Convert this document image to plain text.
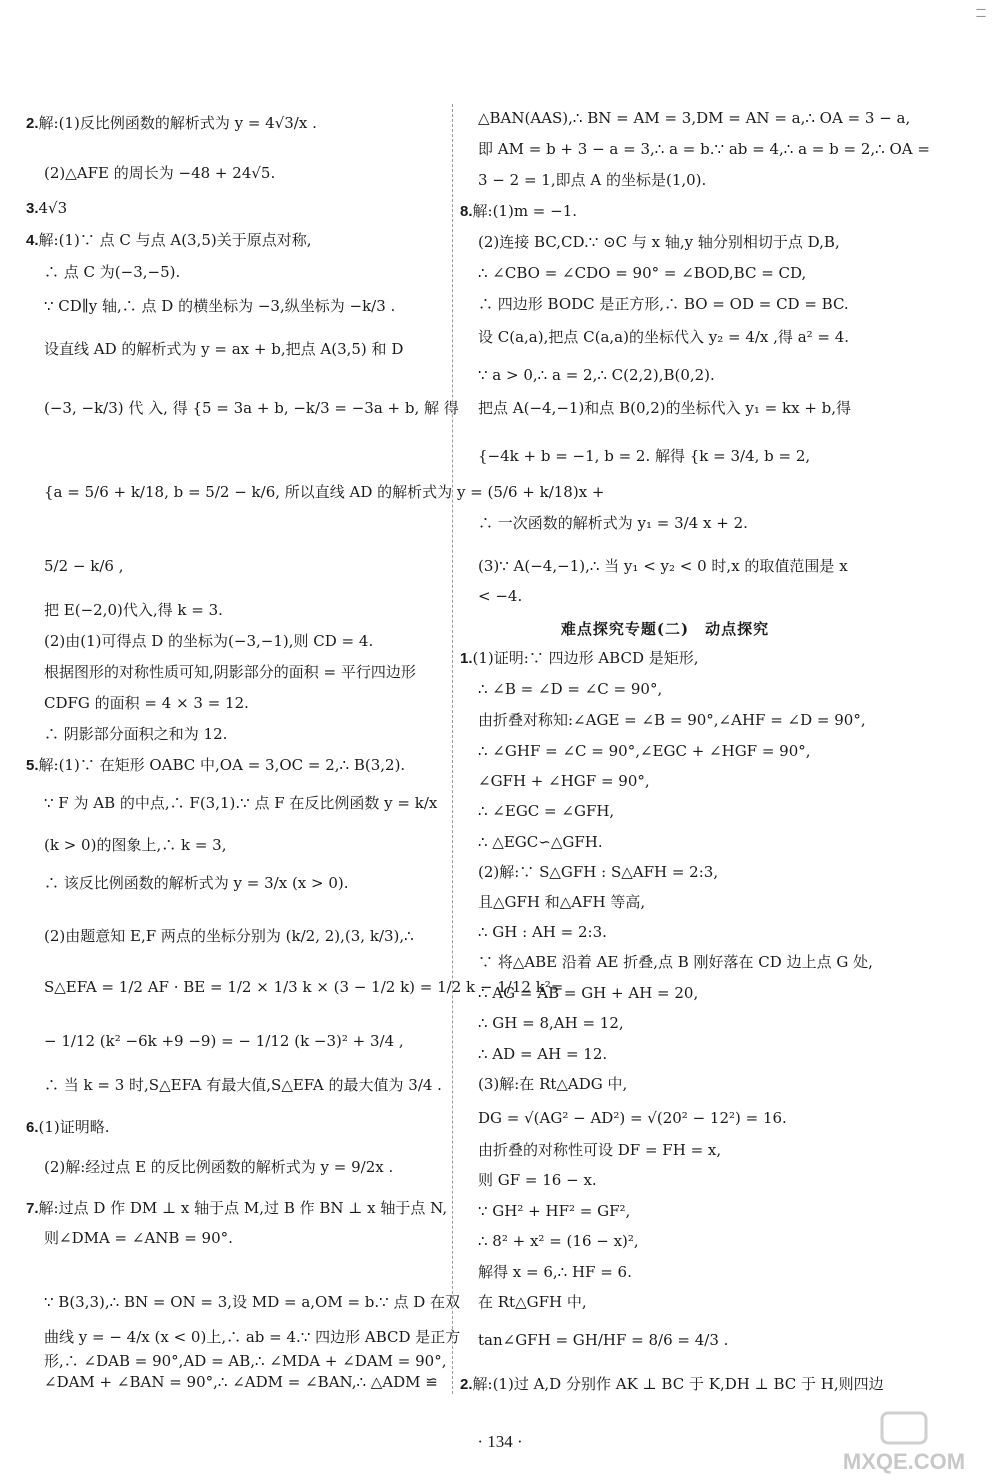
—
—
2.解:(1)反比例函数的解析式为 y = 4√3/x .
(2)△AFE 的周长为 −48 + 24√5.
3.4√3
4.解:(1)∵ 点 C 与点 A(3,5)关于原点对称,
∴ 点 C 为(−3,−5).
∵ CD∥y 轴,∴ 点 D 的横坐标为 −3,纵坐标为 −k/3 .
设直线 AD 的解析式为 y = ax + b,把点 A(3,5) 和 D
(−3, −k/3) 代 入, 得 {5 = 3a + b, −k/3 = −3a + b, 解 得
{a = 5/6 + k/18, b = 5/2 − k/6, 所以直线 AD 的解析式为 y = (5/6 + k/18)x +
5/2 − k/6 ,
把 E(−2,0)代入,得 k = 3.
(2)由(1)可得点 D 的坐标为(−3,−1),则 CD = 4.
根据图形的对称性质可知,阴影部分的面积 = 平行四边形
CDFG 的面积 = 4 × 3 = 12.
∴ 阴影部分面积之和为 12.
5.解:(1)∵ 在矩形 OABC 中,OA = 3,OC = 2,∴ B(3,2).
∵ F 为 AB 的中点,∴ F(3,1).∵ 点 F 在反比例函数 y = k/x
(k > 0)的图象上,∴ k = 3,
∴ 该反比例函数的解析式为 y = 3/x (x > 0).
(2)由题意知 E,F 两点的坐标分别为 (k/2, 2),(3, k/3),∴
S△EFA = 1/2 AF · BE = 1/2 × 1/3 k × (3 − 1/2 k) = 1/2 k − 1/12 k²=
− 1/12 (k² −6k +9 −9) = − 1/12 (k −3)² + 3/4 ,
∴ 当 k = 3 时,S△EFA 有最大值,S△EFA 的最大值为 3/4 .
6.(1)证明略.
(2)解:经过点 E 的反比例函数的解析式为 y = 9/2x .
7.解:过点 D 作 DM ⊥ x 轴于点 M,过 B 作 BN ⊥ x 轴于点 N,
则∠DMA = ∠ANB = 90°.
∵ B(3,3),∴ BN = ON = 3,设 MD = a,OM = b.∵ 点 D 在双
曲线 y = − 4/x (x < 0)上,∴ ab = 4.∵ 四边形 ABCD 是正方
形,∴ ∠DAB = 90°,AD = AB,∴ ∠MDA + ∠DAM = 90°,
∠DAM + ∠BAN = 90°,∴ ∠ADM = ∠BAN,∴ △ADM ≌
△BAN(AAS),∴ BN = AM = 3,DM = AN = a,∴ OA = 3 − a,
即 AM = b + 3 − a = 3,∴ a = b.∵ ab = 4,∴ a = b = 2,∴ OA =
3 − 2 = 1,即点 A 的坐标是(1,0).
8.解:(1)m = −1.
(2)连接 BC,CD.∵ ⊙C 与 x 轴,y 轴分别相切于点 D,B,
∴ ∠CBO = ∠CDO = 90° = ∠BOD,BC = CD,
∴ 四边形 BODC 是正方形,∴ BO = OD = CD = BC.
设 C(a,a),把点 C(a,a)的坐标代入 y₂ = 4/x ,得 a² = 4.
∵ a > 0,∴ a = 2,∴ C(2,2),B(0,2).
把点 A(−4,−1)和点 B(0,2)的坐标代入 y₁ = kx + b,得
{−4k + b = −1, b = 2. 解得 {k = 3/4, b = 2,
∴ 一次函数的解析式为 y₁ = 3/4 x + 2.
(3)∵ A(−4,−1),∴ 当 y₁ < y₂ < 0 时,x 的取值范围是 x
< −4.
1.(1)证明:∵ 四边形 ABCD 是矩形,
∴ ∠B = ∠D = ∠C = 90°,
由折叠对称知:∠AGE = ∠B = 90°,∠AHF = ∠D = 90°,
∴ ∠GHF = ∠C = 90°,∠EGC + ∠HGF = 90°,
∠GFH + ∠HGF = 90°,
∴ ∠EGC = ∠GFH,
∴ △EGC∽△GFH.
(2)解:∵ S△GFH : S△AFH = 2:3,
且△GFH 和△AFH 等高,
∴ GH : AH = 2:3.
∵ 将△ABE 沿着 AE 折叠,点 B 刚好落在 CD 边上点 G 处,
∴ AG = AB = GH + AH = 20,
∴ GH = 8,AH = 12,
∴ AD = AH = 12.
(3)解:在 Rt△ADG 中,
DG = √(AG² − AD²) = √(20² − 12²) = 16.
由折叠的对称性可设 DF = FH = x,
则 GF = 16 − x.
∵ GH² + HF² = GF²,
∴ 8² + x² = (16 − x)²,
解得 x = 6,∴ HF = 6.
在 Rt△GFH 中,
tan∠GFH = GH/HF = 8/6 = 4/3 .
2.解:(1)过 A,D 分别作 AK ⊥ BC 于 K,DH ⊥ BC 于 H,则四边
难点探究专题(二)　动点探究
· 134 ·
MXQE.COM
